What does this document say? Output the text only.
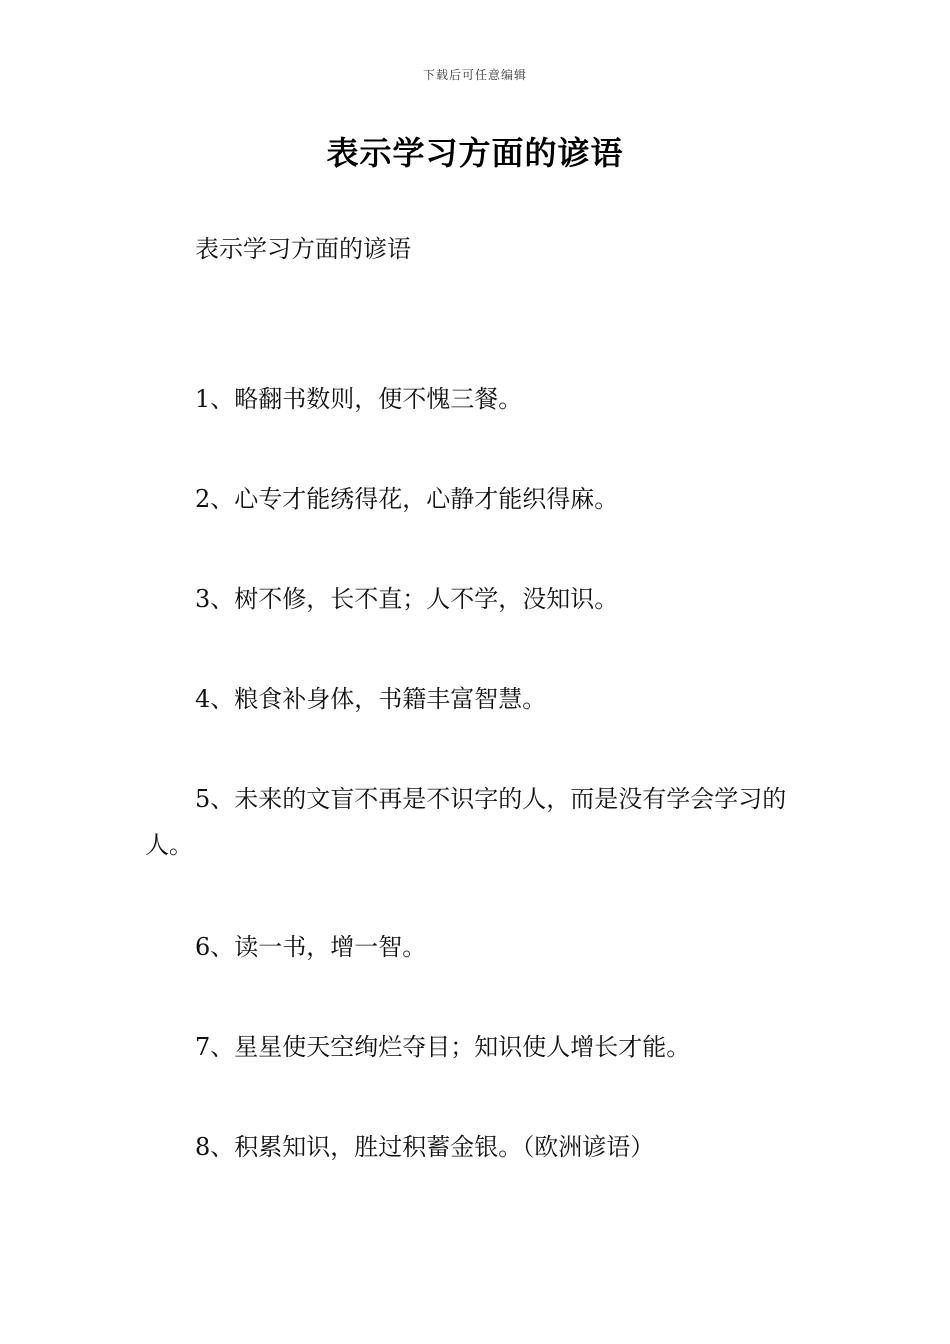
下载后可任意编辑
表示学习方面的谚语

表示学习方面的谚语

1、略翻书数则，便不愧三餐。

2、心专才能绣得花，心静才能织得麻。

3、树不修，长不直；人不学，没知识。

4、粮食补身体，书籍丰富智慧。

5、未来的文盲不再是不识字的人，而是没有学会学习的人。

6、读一书，增一智。

7、星星使天空绚烂夺目；知识使人增长才能。

8、积累知识，胜过积蓄金银。（欧洲谚语）
